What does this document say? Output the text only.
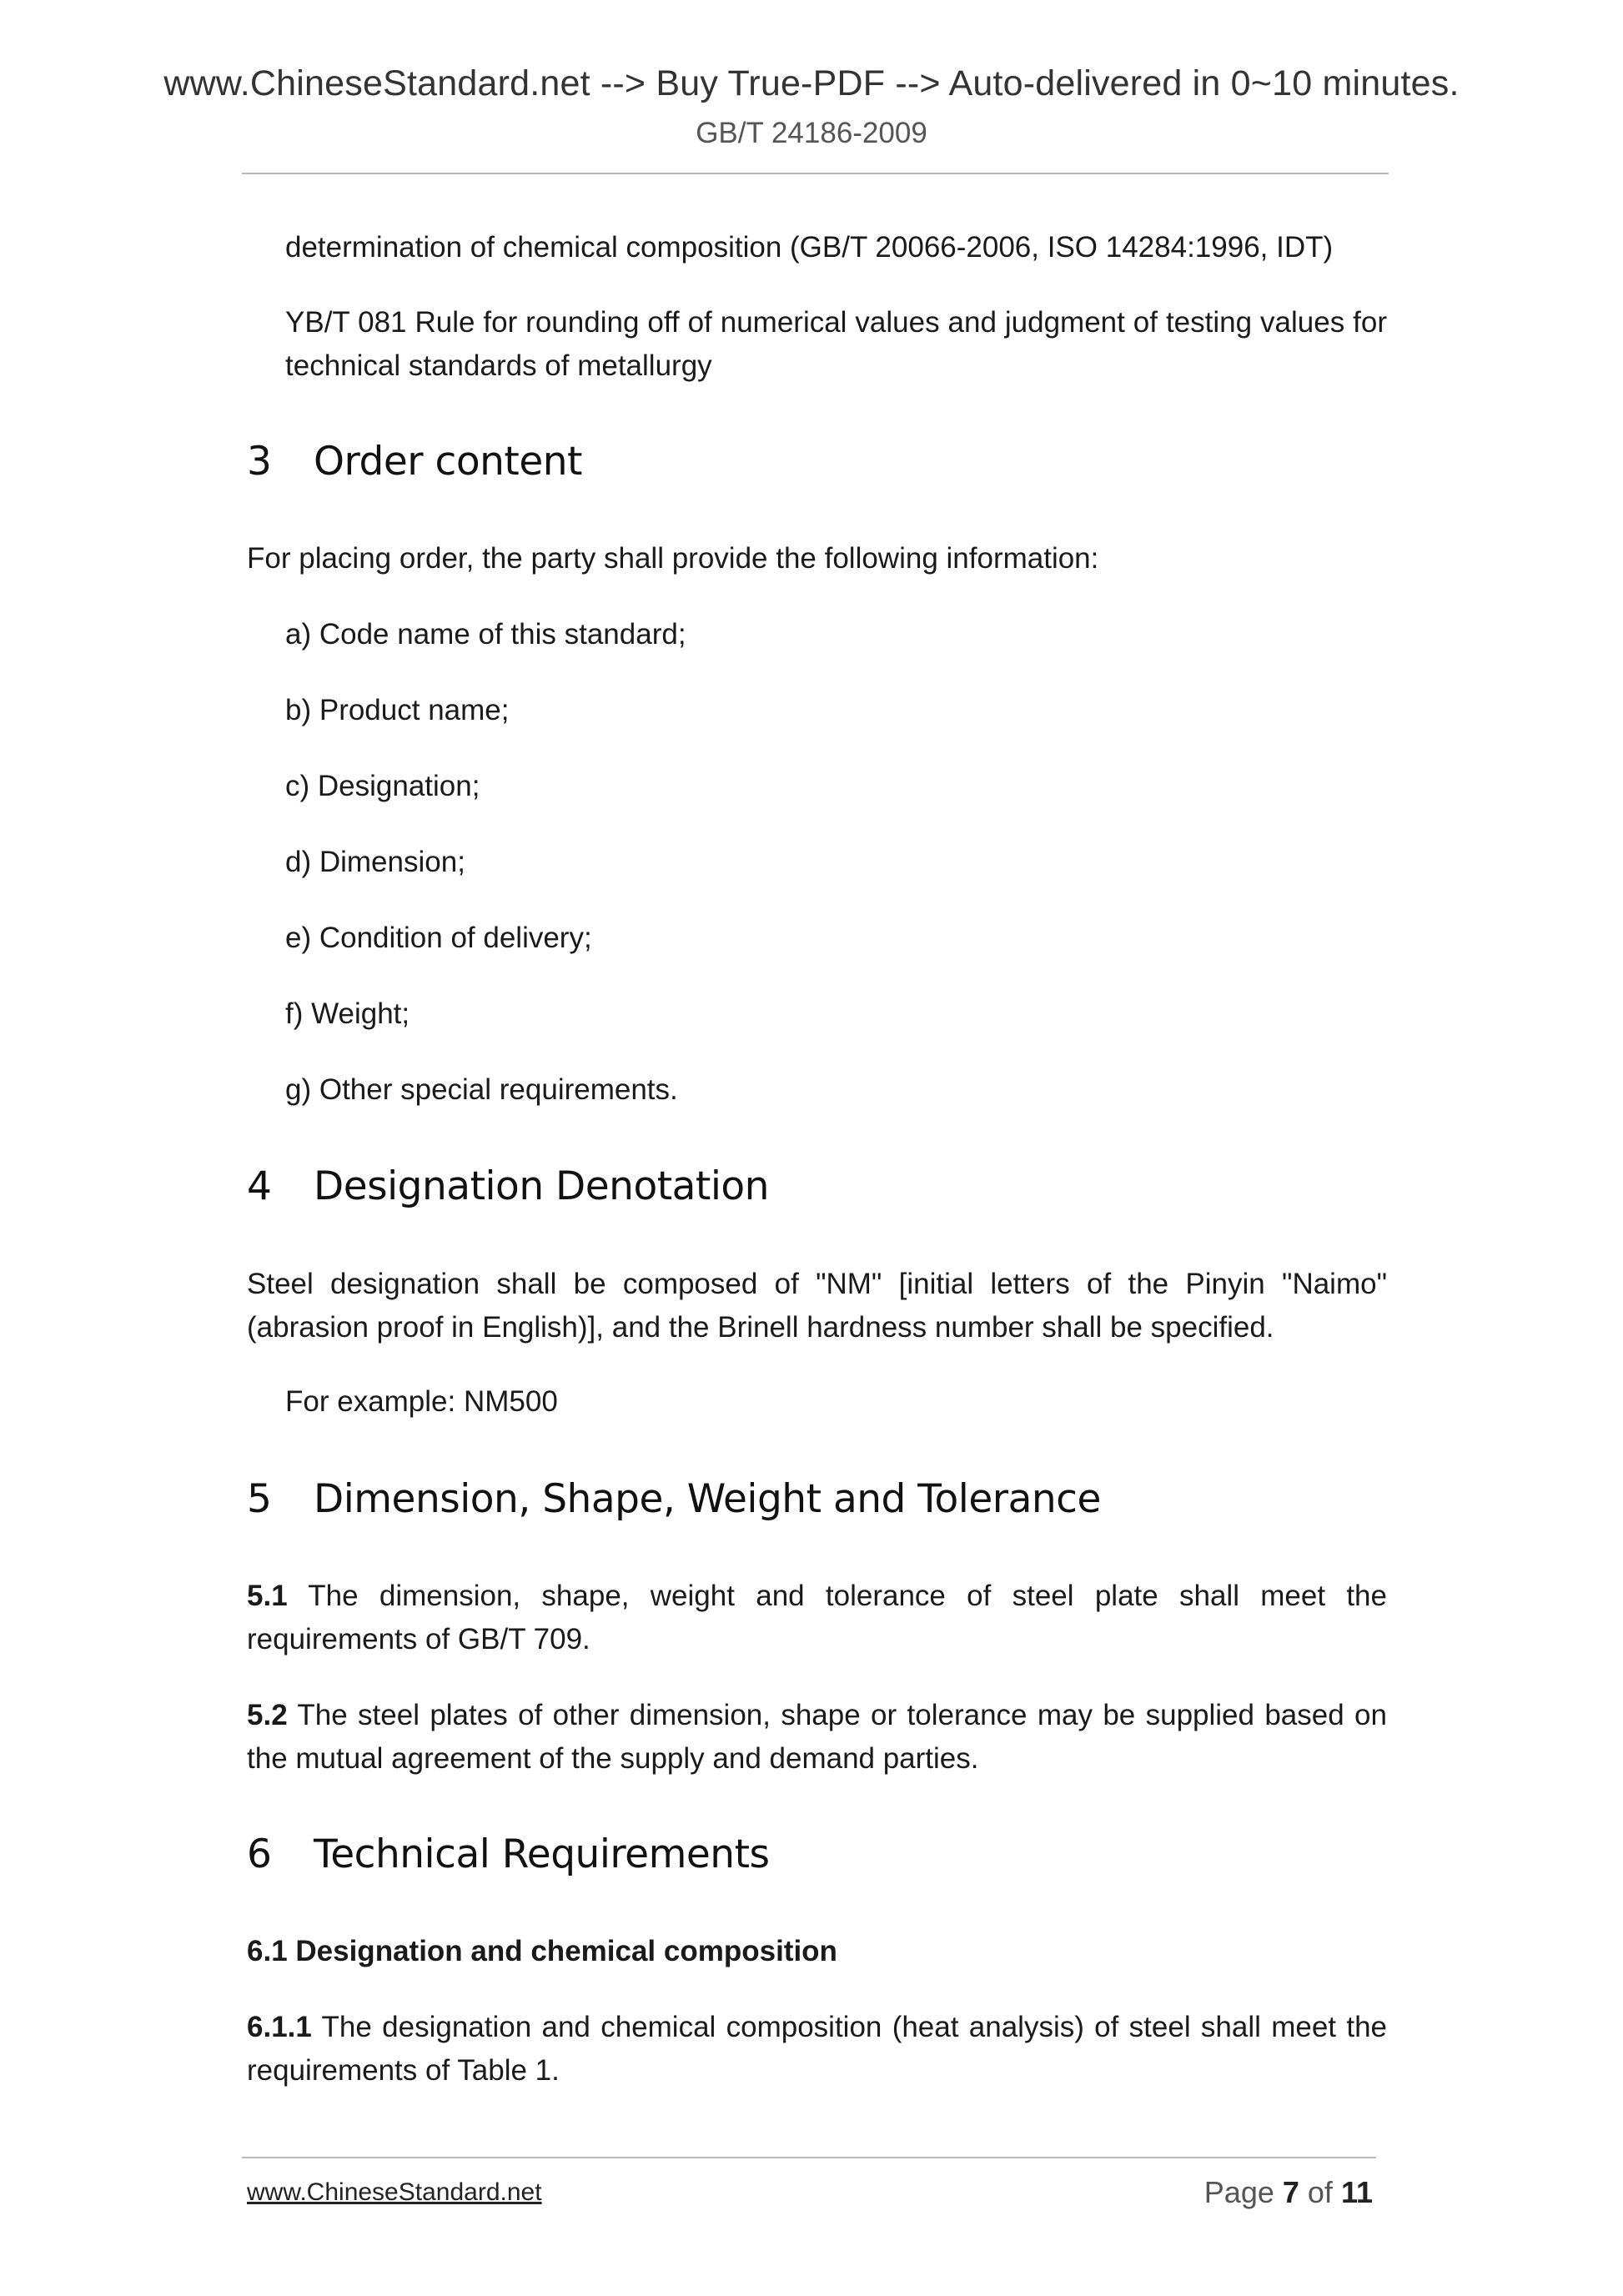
www.ChineseStandard.net --> Buy True-PDF --> Auto-delivered in 0~10 minutes.
GB/T 24186-2009

determination of chemical composition (GB/T 20066-2006, ISO 14284:1996, IDT)

YB/T 081 Rule for rounding off of numerical values and judgment of testing values for technical standards of metallurgy

3 Order content

For placing order, the party shall provide the following information:

a) Code name of this standard;

b) Product name;

c) Designation;

d) Dimension;

e) Condition of delivery;

f) Weight;

g) Other special requirements.

4 Designation Denotation

Steel designation shall be composed of "NM" [initial letters of the Pinyin "Naimo" (abrasion proof in English)], and the Brinell hardness number shall be specified.

For example: NM500

5 Dimension, Shape, Weight and Tolerance

5.1 The dimension, shape, weight and tolerance of steel plate shall meet the requirements of GB/T 709.

5.2 The steel plates of other dimension, shape or tolerance may be supplied based on the mutual agreement of the supply and demand parties.

6 Technical Requirements

6.1 Designation and chemical composition

6.1.1 The designation and chemical composition (heat analysis) of steel shall meet the requirements of Table 1.

www.ChineseStandard.net	Page 7 of 11
